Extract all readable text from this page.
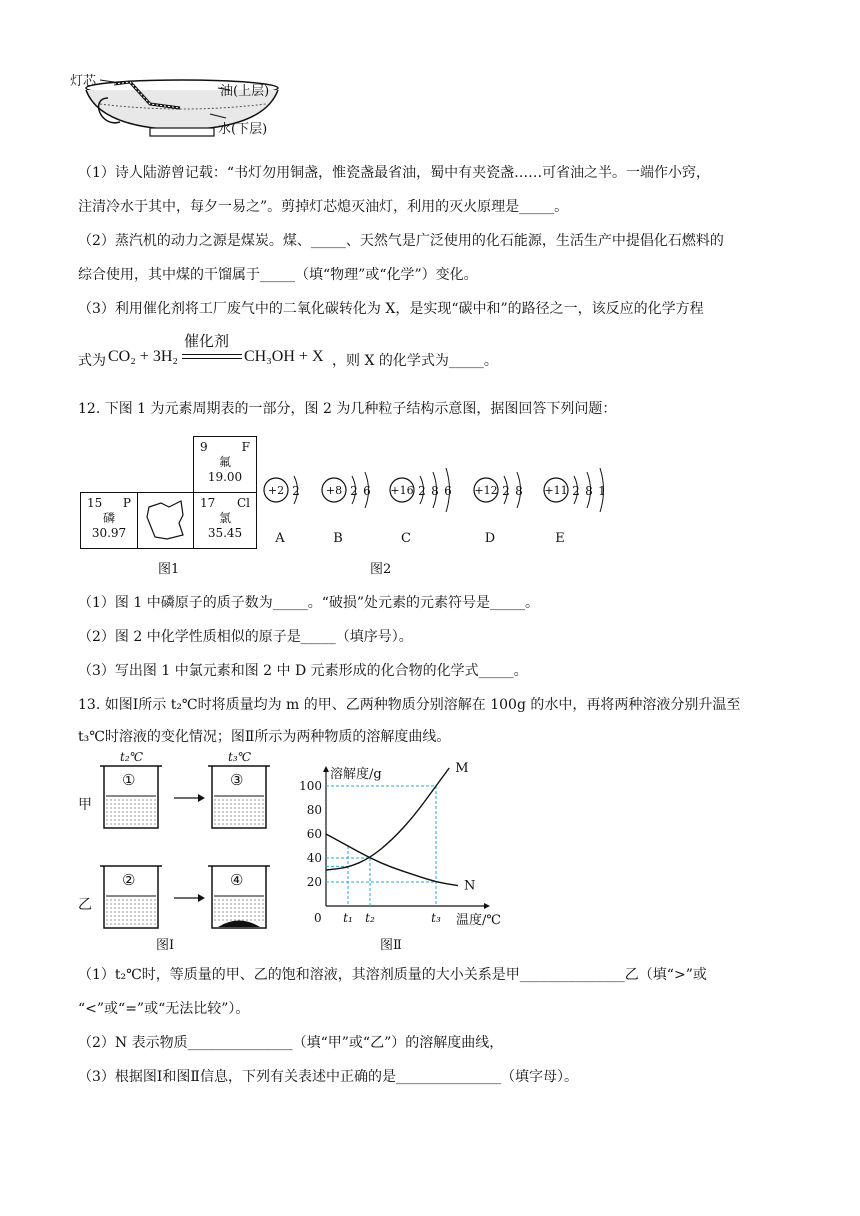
灯芯
油(上层)
水(下层)
（1）诗人陆游曾记载：“书灯勿用铜盏，惟瓷盏最省油，蜀中有夹瓷盏……可省油之半。一端作小窍，
注清冷水于其中，每夕一易之”。剪掉灯芯熄灭油灯，利用的灭火原理是_____。
（2）蒸汽机的动力之源是煤炭。煤、_____、天然气是广泛使用的化石能源，生活生产中提倡化石燃料的
综合使用，其中煤的干馏属于_____（填“物理”或“化学”）变化。
（3）利用催化剂将工厂废气中的二氧化碳转化为 X，是实现“碳中和”的路径之一，该反应的化学方程
式为 CO₂ + 3H₂
催化剂
CH₃OH + X ，则 X 的化学式为_____。
12. 下图 1 为元素周期表的一部分，图 2 为几种粒子结构示意图，据图回答下列问题：
9	F
氟
19.00
15 P
磷
30.97
17 Cl
氯
35.45
图1
+2 2
A
+8 2 6
B
+16 2 8 6
C
+12 2 8
D
+11 2 8 1
E
图2
（1）图 1 中磷原子的质子数为_____。“破损”处元素的元素符号是_____。
（2）图 2 中化学性质相似的原子是_____（填序号）。
（3）写出图 1 中氯元素和图 2 中 D 元素形成的化合物的化学式_____。
13. 如图Ⅰ所示 t₂℃时将质量均为 m 的甲、乙两种物质分别溶解在 100g 的水中，再将两种溶液分别升温至
t₃℃时溶液的变化情况；图Ⅱ所示为两种物质的溶解度曲线。
t₂℃	t₃℃
甲
乙
①	③
②	④
图Ⅰ
溶解度/g
温度/℃
0
20
40
60
80
100
t₁ t₂	t₃
M
N
图Ⅱ
（1）t₂℃时，等质量的甲、乙的饱和溶液，其溶剂质量的大小关系是甲_______________乙（填“>”或
“<”或“=”或“无法比较”）。
（2）N 表示物质_______________（填“甲”或“乙”）的溶解度曲线，
（3）根据图Ⅰ和图Ⅱ信息，下列有关表述中正确的是_______________（填字母）。
